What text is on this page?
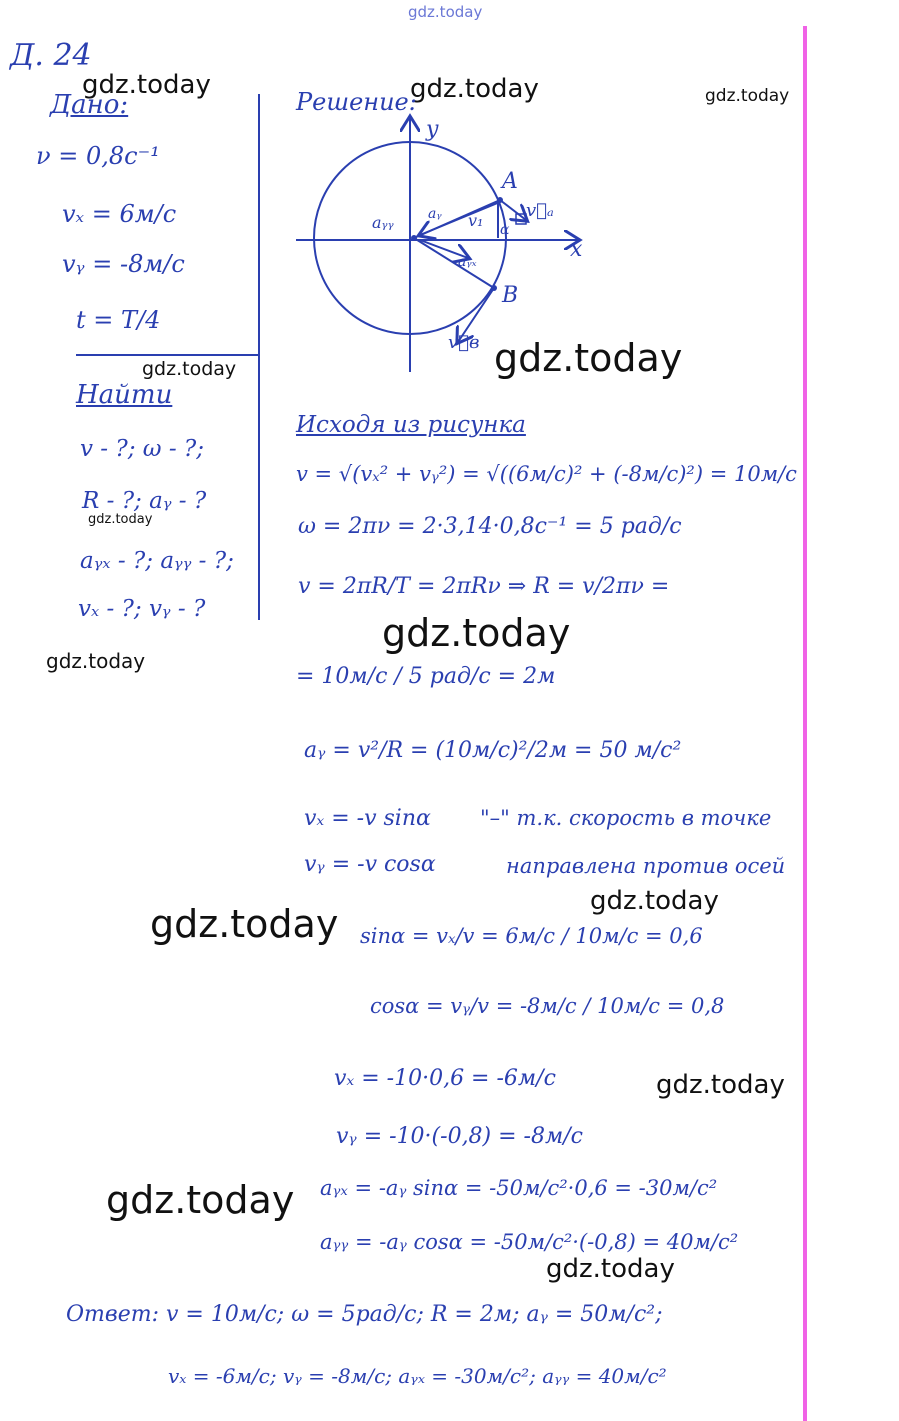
gdz.today
gdz.today	gdz.today	gdz.today
gdz.today
gdz.today
gdz.today
gdz.today
gdz.today
gdz.today
gdz.today
gdz.today
gdz.today
gdz.today
Д. 24
Дано:
ν = 0,8с⁻¹
vₓ = 6м/с
vᵧ = -8м/с
t = T/4
Найти
v - ?; ω - ?;
R - ?; aᵧ - ?
aᵧₓ - ?; aᵧᵧ - ?;
vₓ - ?; vᵧ - ?
Решение:
y
x
A
B
aᵧᵧ aᵧ v₁
aᵧₓ
α
v⃗ₐ
v⃗в
Исходя из рисунка
v = √(vₓ² + vᵧ²) = √((6м/с)² + (-8м/с)²) = 10м/с
ω = 2πν = 2·3,14·0,8с⁻¹ = 5 рад/с
v = 2πR/T = 2πRν ⇒ R = v/2πν =
= 10м/с / 5 рад/с = 2м
aᵧ = v²/R = (10м/с)²/2м = 50 м/с²
vₓ = -v sinα
vᵧ = -v cosα
"–" т.к. скорость в точке
направлена против осей
sinα = vₓ/v = 6м/с / 10м/с = 0,6
cosα = vᵧ/v = -8м/с / 10м/с = 0,8
vₓ = -10·0,6 = -6м/с
vᵧ = -10·(-0,8) = -8м/с
aᵧₓ = -aᵧ sinα = -50м/с²·0,6 = -30м/с²
aᵧᵧ = -aᵧ cosα = -50м/с²·(-0,8) = 40м/с²
Ответ: v = 10м/с; ω = 5рад/с; R = 2м; aᵧ = 50м/с²;
vₓ = -6м/с; vᵧ = -8м/с; aᵧₓ = -30м/с²; aᵧᵧ = 40м/с²
